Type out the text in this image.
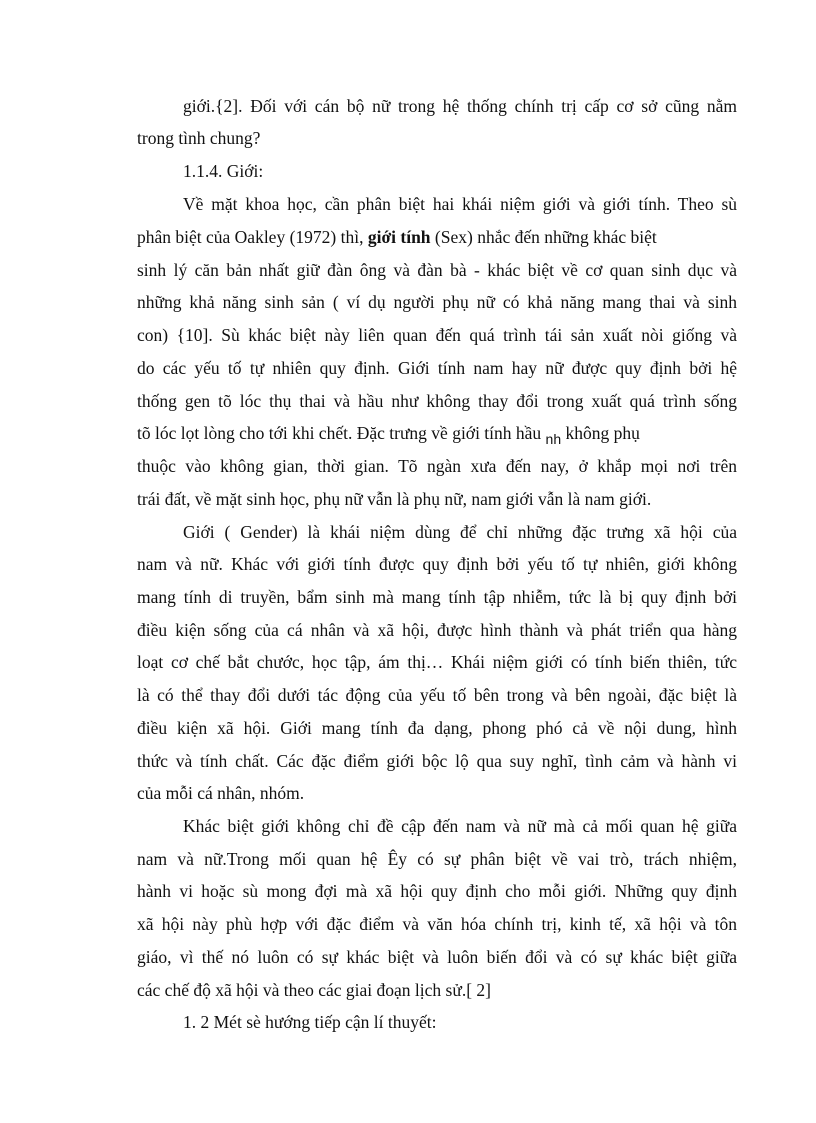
giới.{2]. Đối với cán bộ nữ trong hệ thống chính trị cấp cơ sở cũng nằm
trong tình chung?
1.1.4. Giới:
Về mặt khoa học, cần phân biệt hai khái niệm giới và giới tính. Theo sù
phân biệt của Oakley (1972) thì, giới tính (Sex) nhắc đến những khác biệt
sinh lý căn bản nhất giữ đàn ông và đàn bà - khác biệt về cơ quan sinh dục và
những khả năng sinh sản ( ví dụ người phụ nữ có khả năng mang thai và sinh
con) {10]. Sù khác biệt này liên quan đến quá trình tái sản xuất nòi giống và
do các yếu tố tự nhiên quy định. Giới tính nam hay nữ được quy định bởi hệ
thống gen tõ lóc thụ thai và hầu như không thay đổi trong xuất quá trình sống
tõ lóc lọt lòng cho tới khi chết. Đặc trưng về giới tính hầu $_{nh}$ không phụ
thuộc vào không gian, thời gian. Tõ ngàn xưa đến nay, ở khắp mọi nơi trên
trái đất, về mặt sinh học, phụ nữ vẫn là phụ nữ, nam giới vẫn là nam giới.
Giới ( Gender) là khái niệm dùng để chỉ những đặc trưng xã hội của
nam và nữ. Khác với giới tính được quy định bởi yếu tố tự nhiên, giới không
mang tính di truyền, bẩm sinh mà mang tính tập nhiễm, tức là bị quy định bởi
điều kiện sống của cá nhân và xã hội, được hình thành và phát triển qua hàng
loạt cơ chế bắt chước, học tập, ám thị… Khái niệm giới có tính biến thiên, tức
là có thể thay đổi dưới tác động của yếu tố bên trong và bên ngoài, đặc biệt là
điều kiện xã hội. Giới mang tính đa dạng, phong phó cả về nội dung, hình
thức và tính chất. Các đặc điểm giới bộc lộ qua suy nghĩ, tình cảm và hành vi
của mỗi cá nhân, nhóm.
Khác biệt giới không chỉ đề cập đến nam và nữ mà cả mối quan hệ giữa
nam và nữ.Trong mối quan hệ Êy có sự phân biệt về vai trò, trách nhiệm,
hành vi hoặc sù mong đợi mà xã hội quy định cho mỗi giới. Những quy định
xã hội này phù hợp với đặc điểm và văn hóa chính trị, kinh tế, xã hội và tôn
giáo, vì thế nó luôn có sự khác biệt và luôn biến đổi và có sự khác biệt giữa
các chế độ xã hội và theo các giai đoạn lịch sử.[ 2]
1. 2 Mét sè hướng tiếp cận lí thuyết:
